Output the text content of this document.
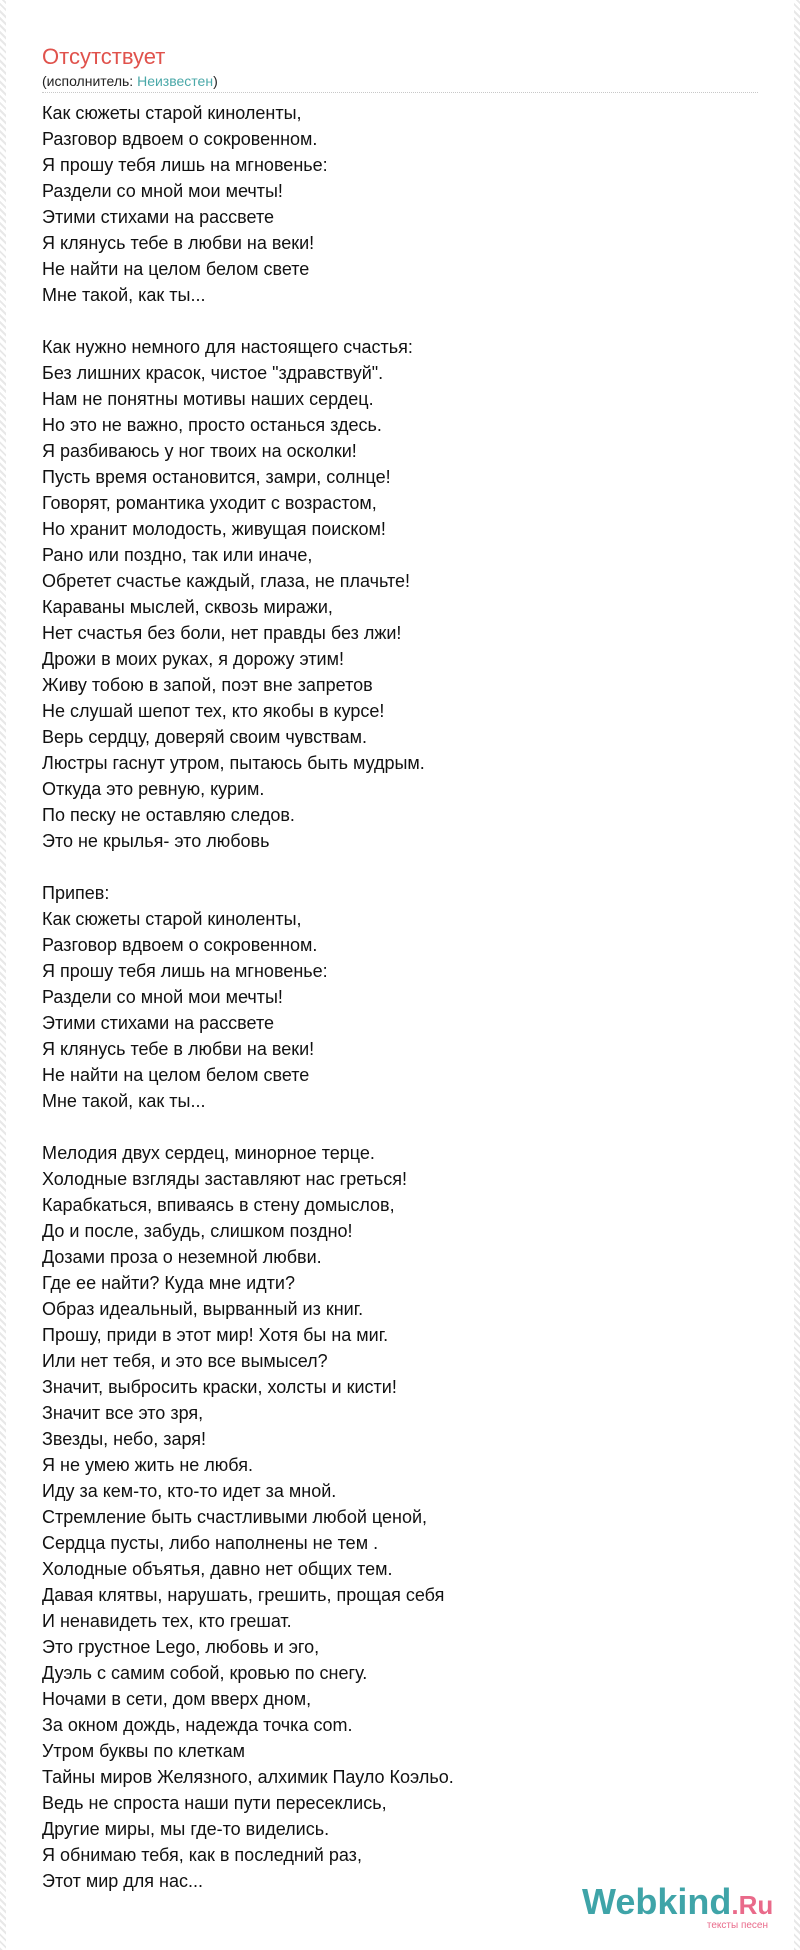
Отсутствует
(исполнитель: Неизвестен)
Как сюжеты старой киноленты,
Разговор вдвоем о сокровенном.
Я прошу тебя лишь на мгновенье:
Раздели со мной мои мечты!
Этими стихами на рассвете
Я клянусь тебе в любви на веки!
Не найти на целом белом свете
Мне такой, как ты...
Как нужно немного для настоящего счастья:
Без лишних красок, чистое "здравствуй".
Нам не понятны мотивы наших сердец.
Но это не важно, просто останься здесь.
Я разбиваюсь у ног твоих на осколки!
Пусть время остановится, замри, солнце!
Говорят, романтика уходит с возрастом,
Но хранит молодость, живущая поиском!
Рано или поздно, так или иначе,
Обретет счастье каждый, глаза, не плачьте!
Караваны мыслей, сквозь миражи,
Нет счастья без боли, нет правды без лжи!
Дрожи в моих руках, я дорожу этим!
Живу тобою в запой, поэт вне запретов
Не слушай шепот тех, кто якобы в курсе!
Верь сердцу, доверяй своим чувствам.
Люстры гаснут утром, пытаюсь быть мудрым.
Откуда это ревную, курим.
По песку не оставляю следов.
Это не крылья- это любовь
Припев:
Как сюжеты старой киноленты,
Разговор вдвоем о сокровенном.
Я прошу тебя лишь на мгновенье:
Раздели со мной мои мечты!
Этими стихами на рассвете
Я клянусь тебе в любви на веки!
Не найти на целом белом свете
Мне такой, как ты...
Мелодия двух сердец, минорное терце.
Холодные взгляды заставляют нас греться!
Карабкаться, впиваясь в стену домыслов,
До и после, забудь, слишком поздно!
Дозами проза о неземной любви.
Где ее найти? Куда мне идти?
Образ идеальный, вырванный из книг.
Прошу, приди в этот мир! Хотя бы на миг.
Или нет тебя, и это все вымысел?
Значит, выбросить краски, холсты и кисти!
Значит все это зря,
Звезды, небо, заря!
Я не умею жить не любя.
Иду за кем-то, кто-то идет за мной.
Стремление быть счастливыми любой ценой,
Сердца пусты, либо наполнены не тем .
Холодные объятья, давно нет общих тем.
Давая клятвы, нарушать, грешить, прощая себя
И ненавидеть тех, кто грешат.
Это грустное Lego, любовь и эго,
Дуэль с самим собой, кровью по снегу.
Ночами в сети, дом вверх дном,
За окном дождь, надежда точка com.
Утром буквы по клеткам
Тайны миров Желязного, алхимик Пауло Коэльо.
Ведь не спроста наши пути пересеклись,
Другие миры, мы где-то виделись.
Я обнимаю тебя, как в последний раз,
Этот мир для нас...	Webkind.Ru
тексты песен
